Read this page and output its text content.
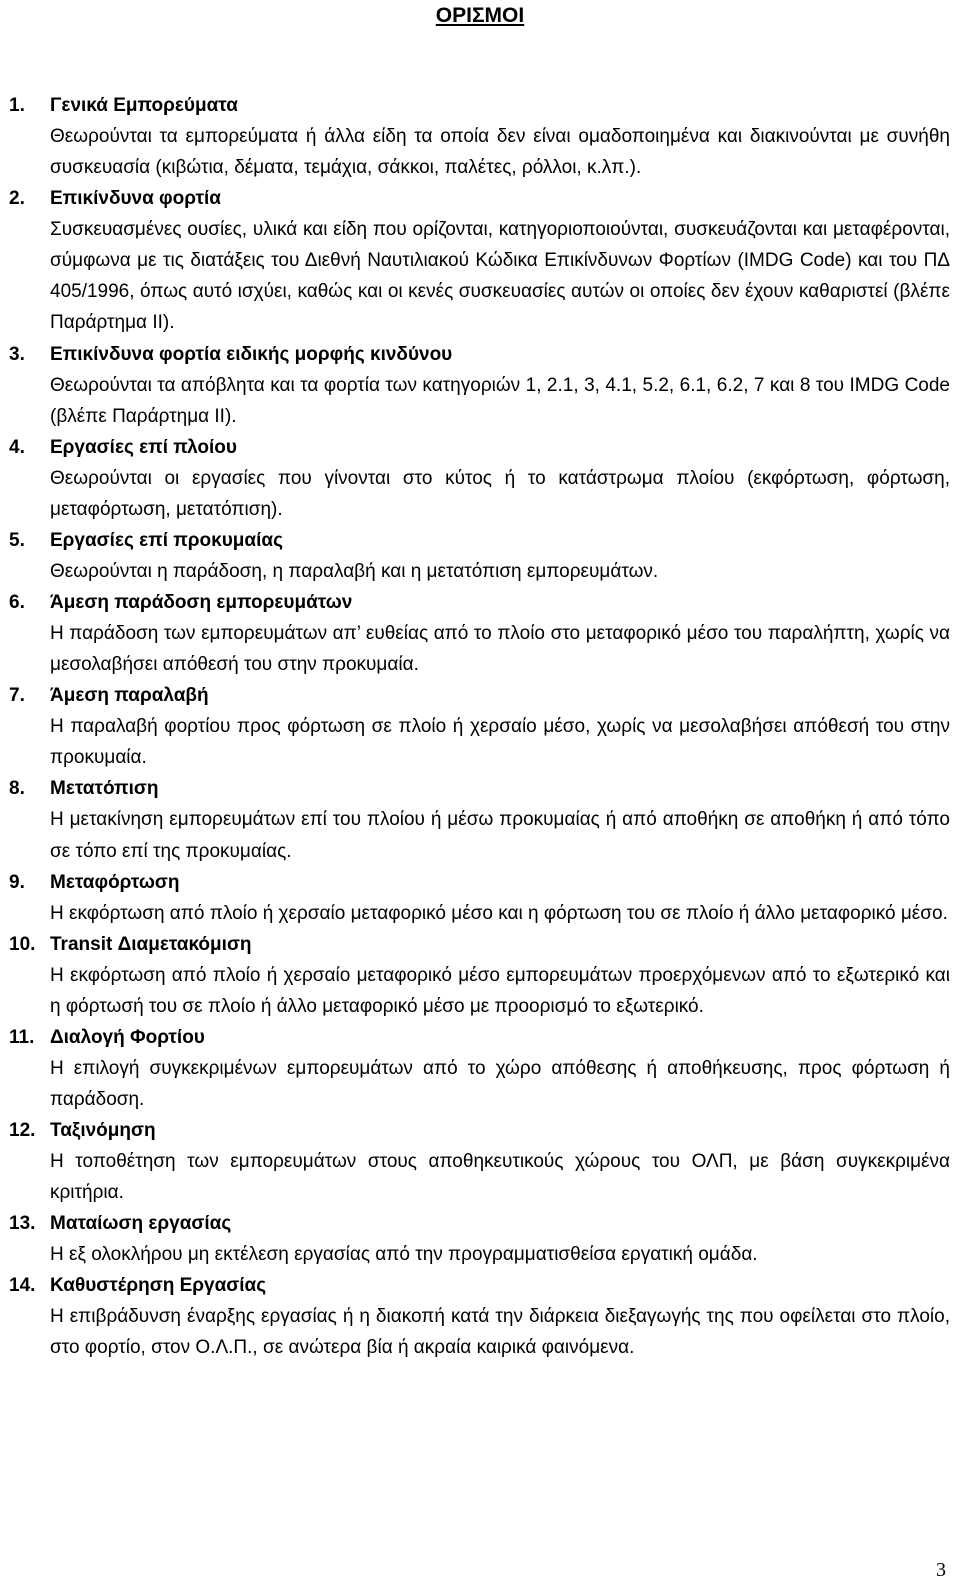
ΟΡΙΣΜΟΙ
1. Γενικά Εμπορεύματα
Θεωρούνται τα εμπορεύματα ή άλλα είδη τα οποία δεν είναι ομαδοποιημένα και διακινούνται με συνήθη συσκευασία (κιβώτια, δέματα, τεμάχια, σάκκοι, παλέτες, ρόλλοι, κ.λπ.).
2. Επικίνδυνα φορτία
Συσκευασμένες ουσίες, υλικά και είδη που ορίζονται, κατηγοριοποιούνται, συσκευάζονται και μεταφέρονται, σύμφωνα με τις διατάξεις του Διεθνή Ναυτιλιακού Κώδικα Επικίνδυνων Φορτίων (IMDG Code) και του ΠΔ 405/1996, όπως αυτό ισχύει, καθώς και οι κενές συσκευασίες αυτών οι οποίες δεν έχουν καθαριστεί (βλέπε Παράρτημα ΙΙ).
3. Επικίνδυνα φορτία ειδικής μορφής κινδύνου
Θεωρούνται τα απόβλητα και τα φορτία των κατηγοριών 1, 2.1, 3, 4.1, 5.2, 6.1, 6.2, 7 και 8 του IMDG Code (βλέπε Παράρτημα ΙΙ).
4. Εργασίες επί πλοίου
Θεωρούνται οι εργασίες που γίνονται στο κύτος ή το κατάστρωμα πλοίου (εκφόρτωση, φόρτωση, μεταφόρτωση, μετατόπιση).
5. Εργασίες επί προκυμαίας
Θεωρούνται η παράδοση, η παραλαβή και η μετατόπιση εμπορευμάτων.
6. Άμεση παράδοση εμπορευμάτων
Η παράδοση των εμπορευμάτων απ’ ευθείας από το πλοίο στο μεταφορικό μέσο του παραλήπτη, χωρίς να μεσολαβήσει απόθεσή του στην προκυμαία.
7. Άμεση παραλαβή
Η παραλαβή φορτίου προς φόρτωση σε πλοίο ή χερσαίο μέσο, χωρίς να μεσολαβήσει απόθεσή του στην προκυμαία.
8. Μετατόπιση
Η μετακίνηση εμπορευμάτων επί του πλοίου ή μέσω προκυμαίας ή από αποθήκη σε αποθήκη ή από τόπο σε τόπο επί της προκυμαίας.
9. Μεταφόρτωση
Η εκφόρτωση από πλοίο ή χερσαίο μεταφορικό μέσο και η φόρτωση του σε πλοίο ή άλλο μεταφορικό μέσο.
10. Transit Διαμετακόμιση
Η εκφόρτωση από πλοίο ή χερσαίο μεταφορικό μέσο εμπορευμάτων προερχόμενων από το εξωτερικό και η φόρτωσή του σε πλοίο ή άλλο μεταφορικό μέσο με προορισμό το εξωτερικό.
11. Διαλογή Φορτίου
Η επιλογή συγκεκριμένων εμπορευμάτων από το χώρο απόθεσης ή αποθήκευσης, προς φόρτωση ή παράδοση.
12. Ταξινόμηση
Η τοποθέτηση των εμπορευμάτων στους αποθηκευτικούς χώρους του ΟΛΠ, με βάση συγκεκριμένα κριτήρια.
13. Ματαίωση εργασίας
Η εξ ολοκλήρου μη εκτέλεση εργασίας από την προγραμματισθείσα εργατική ομάδα.
14. Καθυστέρηση Εργασίας
Η επιβράδυνση έναρξης εργασίας ή η διακοπή κατά την διάρκεια διεξαγωγής της που οφείλεται στο πλοίο, στο φορτίο, στον Ο.Λ.Π., σε ανώτερα βία ή ακραία καιρικά φαινόμενα.
3
